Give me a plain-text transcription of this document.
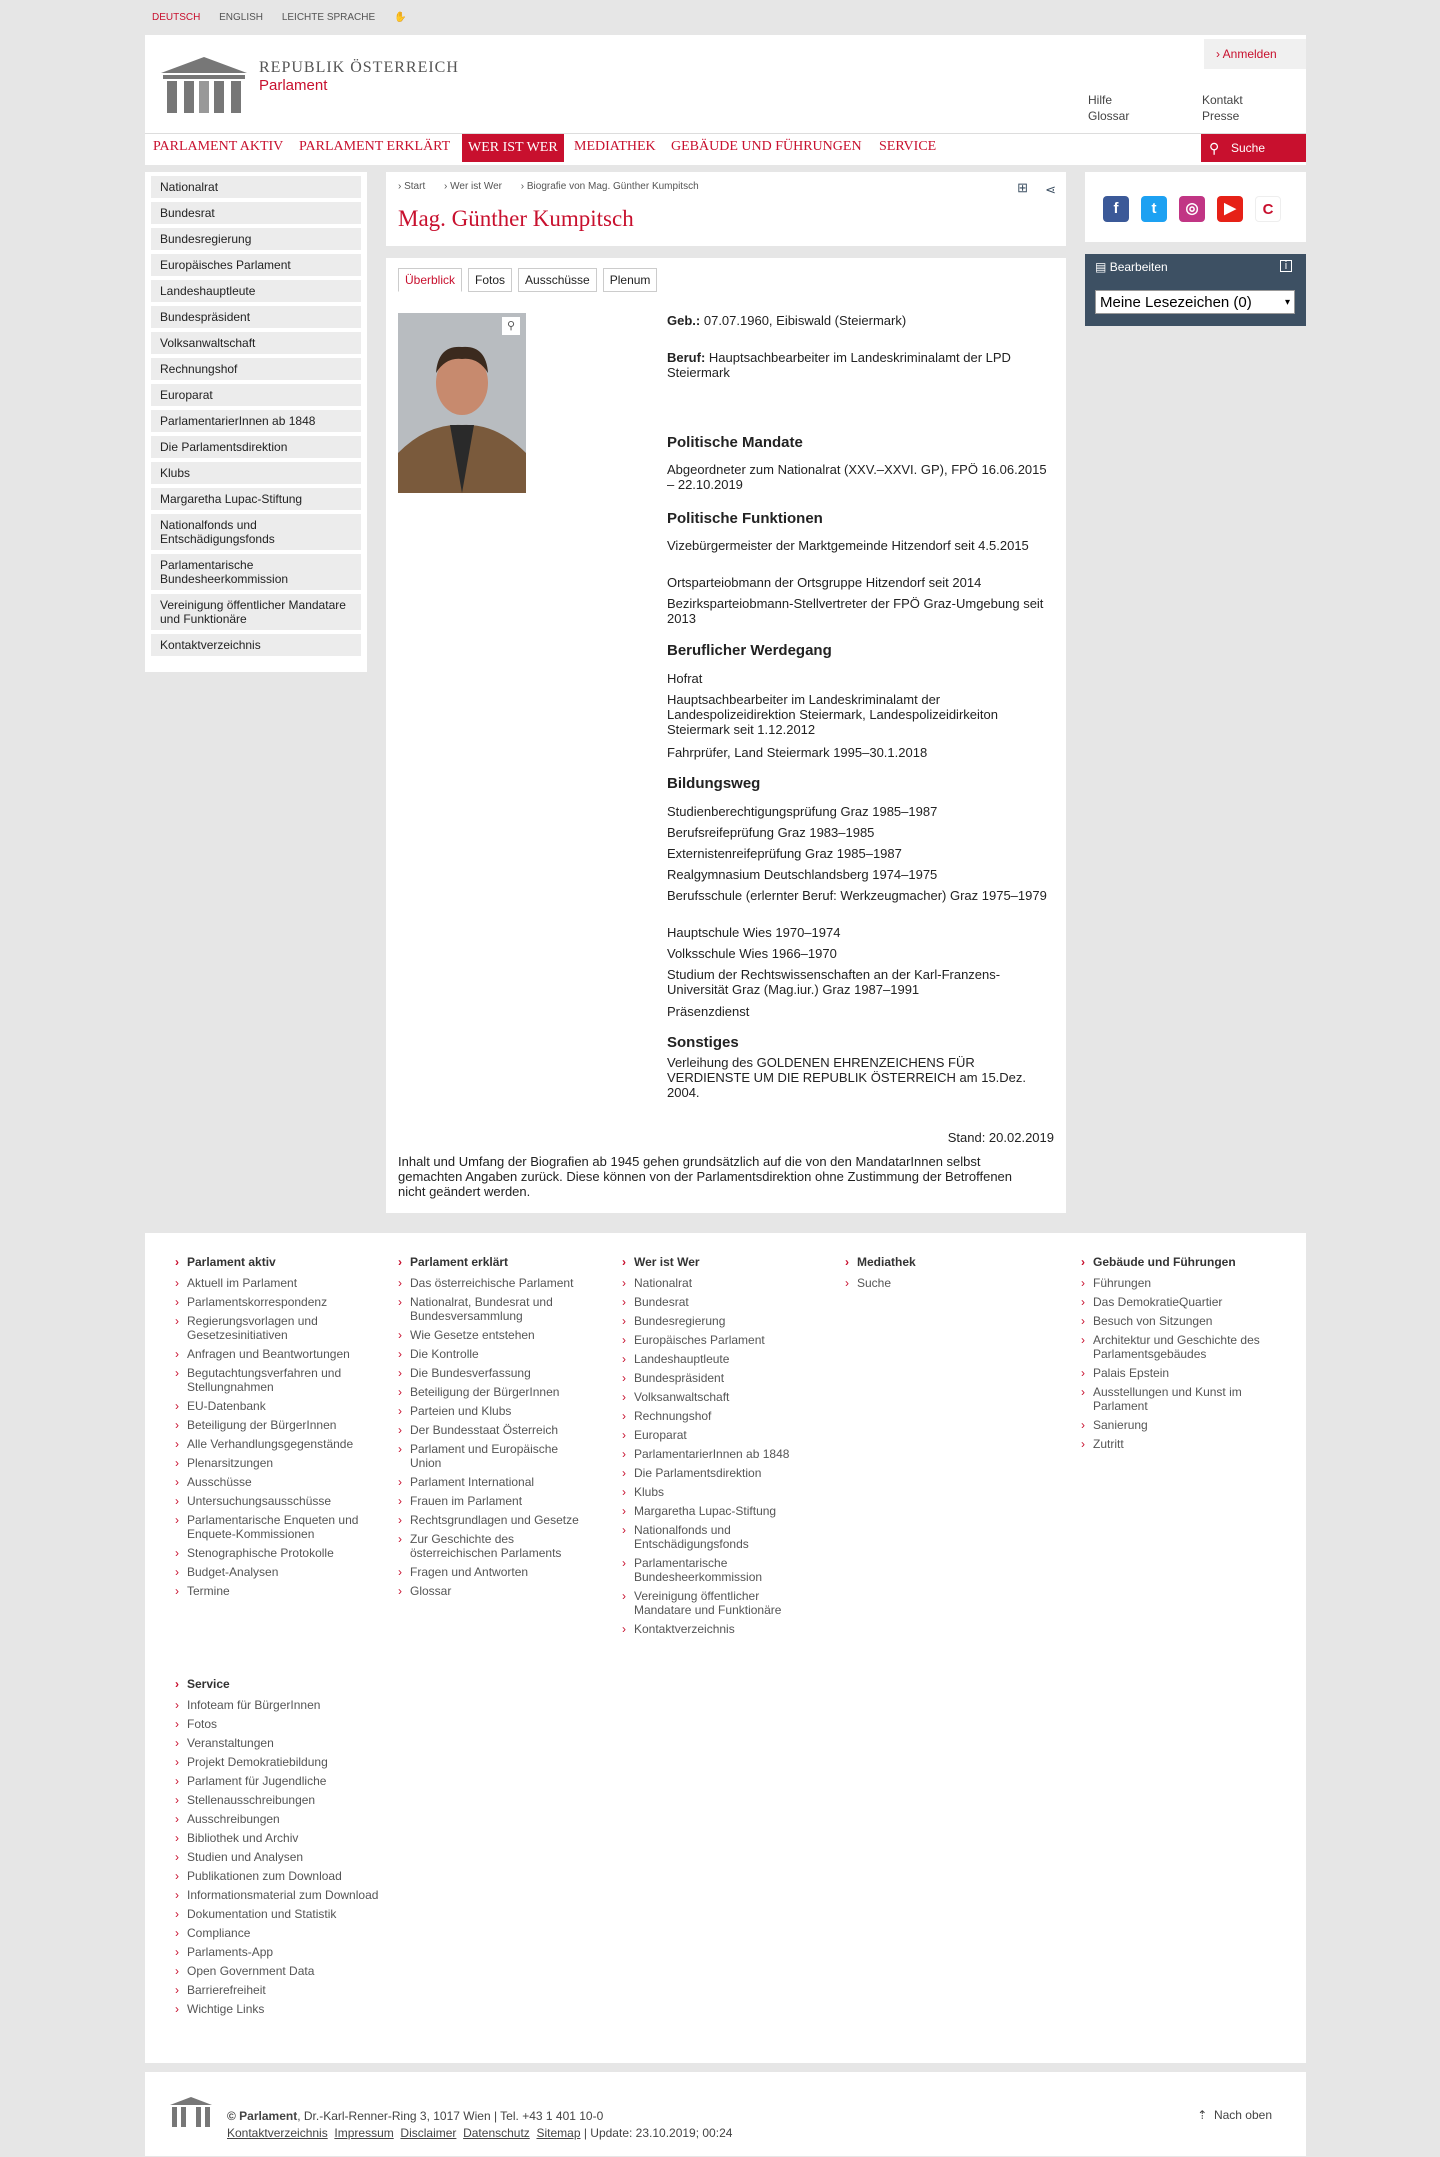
DEUTSCH ENGLISH LEICHTE SPRACHE ✋
REPUBLIK ÖSTERREICH
Parlament
› Anmelden
Hilfe
Glossar
Kontakt
Presse
PARLAMENT AKTIV PARLAMENT ERKLÄRT	WER IST WER	MEDIATHEK GEBÄUDE UND FÜHRUNGEN SERVICE	⚲ Suche
Nationalrat
Bundesrat
Bundesregierung
Europäisches Parlament
Landeshauptleute
Bundespräsident
Volksanwaltschaft
Rechnungshof
Europarat
ParlamentarierInnen ab 1848
Die Parlamentsdirektion
Klubs
Margaretha Lupac-Stiftung
Nationalfonds und Entschädigungsfonds
Parlamentarische Bundesheerkommission
Vereinigung öffentlicher Mandatare und Funktionäre
Kontaktverzeichnis
› Start › Wer ist Wer › Biografie von Mag. Günther Kumpitsch	⊞ ⋖
Mag. Günther Kumpitsch
Überblick Fotos Ausschüsse Plenum
⚲	Geb.: 07.07.1960, Eibiswald (Steiermark)
Beruf: Hauptsachbearbeiter im Landeskriminalamt der LPD Steiermark
Politische Mandate
Abgeordneter zum Nationalrat (XXV.–XXVI. GP), FPÖ 16.06.2015 – 22.10.2019
Politische Funktionen
Vizebürgermeister der Marktgemeinde Hitzendorf seit 4.5.2015
Ortsparteiobmann der Ortsgruppe Hitzendorf seit 2014
Bezirksparteiobmann-Stellvertreter der FPÖ Graz-Umgebung seit 2013
Beruflicher Werdegang
Hofrat
Hauptsachbearbeiter im Landeskriminalamt der Landespolizeidirektion Steiermark, Landespolizeidirkeiton Steiermark seit 1.12.2012
Fahrprüfer, Land Steiermark 1995–30.1.2018
Bildungsweg
Studienberechtigungsprüfung Graz 1985–1987
Berufsreifeprüfung Graz 1983–1985
Externistenreifeprüfung Graz 1985–1987
Realgymnasium Deutschlandsberg 1974–1975
Berufsschule (erlernter Beruf: Werkzeugmacher) Graz 1975–1979
Hauptschule Wies 1970–1974
Volksschule Wies 1966–1970
Studium der Rechtswissenschaften an der Karl-Franzens-Universität Graz (Mag.iur.) Graz 1987–1991
Präsenzdienst
Sonstiges
Verleihung des GOLDENEN EHRENZEICHENS FÜR VERDIENSTE UM DIE REPUBLIK ÖSTERREICH am 15.Dez. 2004.
Stand: 20.02.2019
Inhalt und Umfang der Biografien ab 1945 gehen grundsätzlich auf die von den MandatarInnen selbst gemachten Angaben zurück. Diese können von der Parlamentsdirektion ohne Zustimmung der Betroffenen nicht geändert werden.
f	t	◎	▶	C
▤ Bearbeiten	i
Meine Lesezeichen (0)	▾
› Parlament aktiv
› Aktuell im Parlament
› Parlamentskorrespondenz
› Regierungsvorlagen und Gesetzesinitiativen
› Anfragen und Beantwortungen
› Begutachtungsverfahren und Stellungnahmen
› EU-Datenbank
› Beteiligung der BürgerInnen
› Alle Verhandlungsgegenstände
› Plenarsitzungen
› Ausschüsse
› Untersuchungsausschüsse
› Parlamentarische Enqueten und Enquete-Kommissionen
› Stenographische Protokolle
› Budget-Analysen
› Termine
› Parlament erklärt
› Das österreichische Parlament
› Nationalrat, Bundesrat und Bundesversammlung
› Wie Gesetze entstehen
› Die Kontrolle
› Die Bundesverfassung
› Beteiligung der BürgerInnen
› Parteien und Klubs
› Der Bundesstaat Österreich
› Parlament und Europäische Union
› Parlament International
› Frauen im Parlament
› Rechtsgrundlagen und Gesetze
› Zur Geschichte des österreichischen Parlaments
› Fragen und Antworten
› Glossar
› Wer ist Wer
› Nationalrat
› Bundesrat
› Bundesregierung
› Europäisches Parlament
› Landeshauptleute
› Bundespräsident
› Volksanwaltschaft
› Rechnungshof
› Europarat
› ParlamentarierInnen ab 1848
› Die Parlamentsdirektion
› Klubs
› Margaretha Lupac-Stiftung
› Nationalfonds und Entschädigungsfonds
› Parlamentarische Bundesheerkommission
› Vereinigung öffentlicher Mandatare und Funktionäre
› Kontaktverzeichnis
› Mediathek
› Suche
› Gebäude und Führungen
› Führungen
› Das DemokratieQuartier
› Besuch von Sitzungen
› Architektur und Geschichte des Parlamentsgebäudes
› Palais Epstein
› Ausstellungen und Kunst im Parlament
› Sanierung
› Zutritt
› Service
› Infoteam für BürgerInnen
› Fotos
› Veranstaltungen
› Projekt Demokratiebildung
› Parlament für Jugendliche
› Stellenausschreibungen
› Ausschreibungen
› Bibliothek und Archiv
› Studien und Analysen
› Publikationen zum Download
› Informationsmaterial zum Download
› Dokumentation und Statistik
› Compliance
› Parlaments-App
› Open Government Data
› Barrierefreiheit
› Wichtige Links
© Parlament, Dr.-Karl-Renner-Ring 3, 1017 Wien | Tel. +43 1 401 10-0
Kontaktverzeichnis Impressum Disclaimer Datenschutz Sitemap | Update: 23.10.2019; 00:24
⇡ Nach oben
